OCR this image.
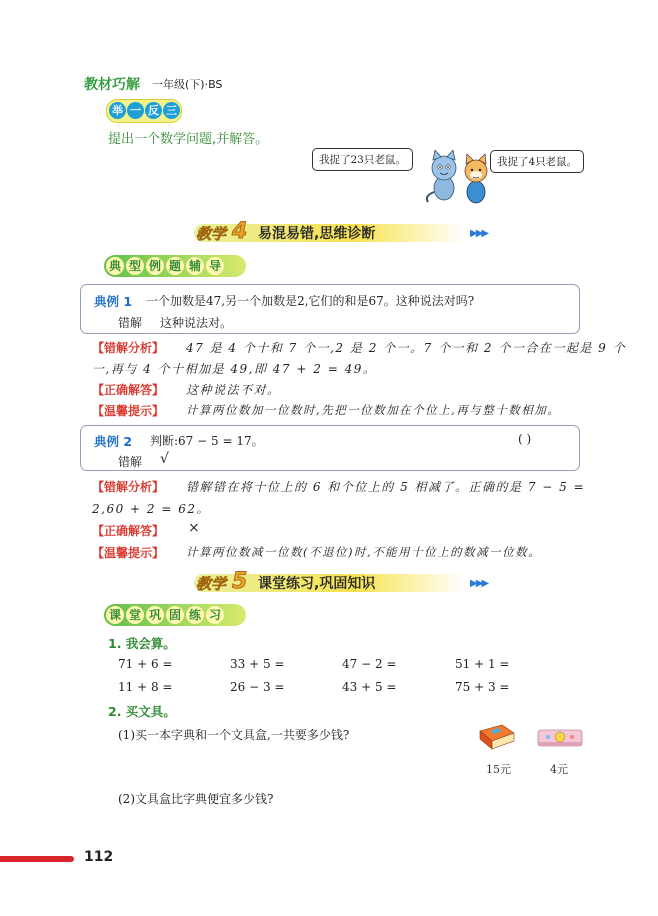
教材巧解 一年级(下)·BS
举 一 反 三
提出一个数学问题,并解答。
我捉了23只老鼠。	我捉了4只老鼠。
教学 4 易混易错,思维诊断	▶▶▶
典 型 例 题 辅 导
典例 1 一个加数是47,另一个加数是2,它们的和是67。这种说法对吗?
错解 这种说法对。
【错解分析】 47 是 4 个十和 7 个一,2 是 2 个一。7 个一和 2 个一合在一起是 9 个
一,再与 4 个十相加是 49,即 47 + 2 = 49。
【正确解答】 这种说法不对。
【温馨提示】 计算两位数加一位数时,先把一位数加在个位上,再与整十数相加。
典例 2 判断:67 − 5 = 17。	( )
错解 √
【错解分析】 错解错在将十位上的 6 和个位上的 5 相减了。正确的是 7 − 5 =
2,60 + 2 = 62。
【正确解答】 ×
【温馨提示】 计算两位数减一位数(不退位)时,不能用十位上的数减一位数。
教学 5 课堂练习,巩固知识	▶▶▶
课 堂 巩 固 练 习
1. 我会算。
71 + 6 =	33 + 5 =	47 − 2 =	51 + 1 =
11 + 8 =	26 − 3 =	43 + 5 =	75 + 3 =
2. 买文具。
(1)买一本字典和一个文具盒,一共要多少钱?
15元	4元
(2)文具盒比字典便宜多少钱?
112
